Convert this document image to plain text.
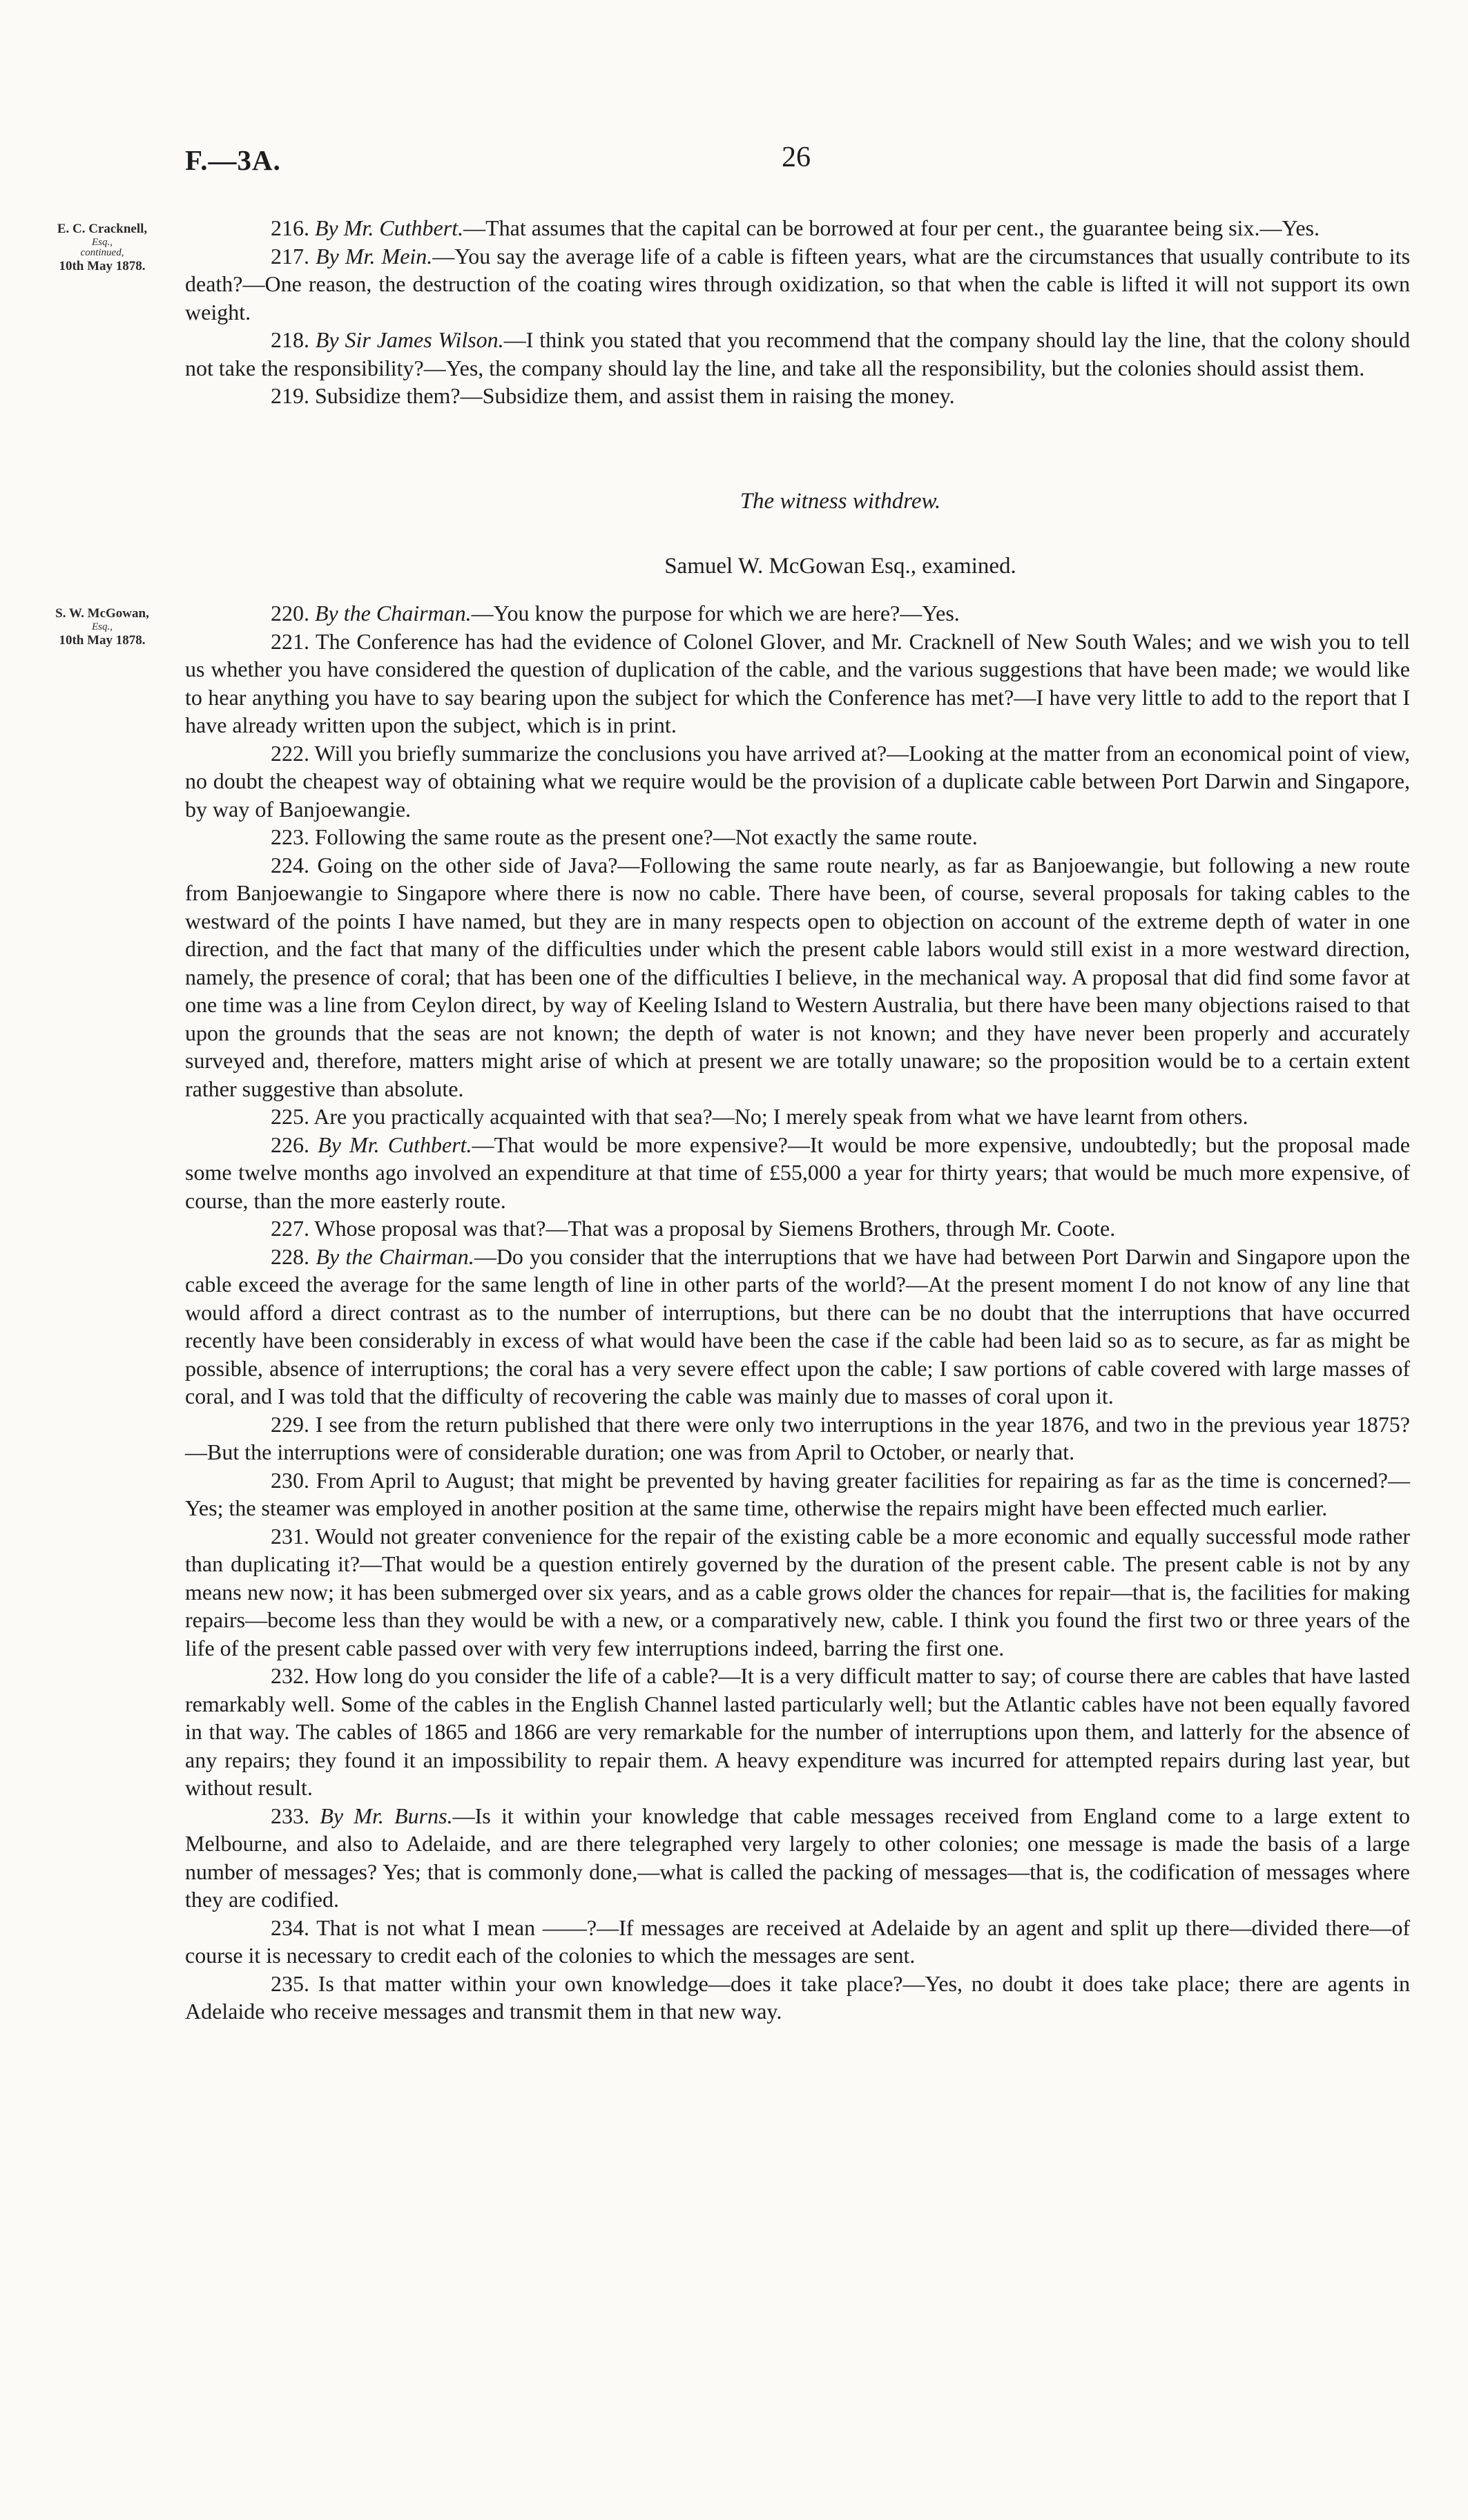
F.—3A.	26
E. C. Cracknell,
Esq.,
continued,
10th May 1878.
S. W. McGowan,
Esq.,
10th May 1878.

216. By Mr. Cuthbert.—That assumes that the capital can be borrowed at four per cent., the guarantee being six.—Yes.

217. By Mr. Mein.—You say the average life of a cable is fifteen years, what are the circumstances that usually contribute to its death?—One reason, the destruction of the coating wires through oxidization, so that when the cable is lifted it will not support its own weight.

218. By Sir James Wilson.—I think you stated that you recommend that the company should lay the line, that the colony should not take the responsibility?—Yes, the company should lay the line, and take all the responsibility, but the colonies should assist them.

219. Subsidize them?—Subsidize them, and assist them in raising the money.

The witness withdrew.

Samuel W. McGowan Esq., examined.

220. By the Chairman.—You know the purpose for which we are here?—Yes.

221. The Conference has had the evidence of Colonel Glover, and Mr. Cracknell of New South Wales; and we wish you to tell us whether you have considered the question of duplication of the cable, and the various suggestions that have been made; we would like to hear anything you have to say bearing upon the subject for which the Conference has met?—I have very little to add to the report that I have already written upon the subject, which is in print.

222. Will you briefly summarize the conclusions you have arrived at?—Looking at the matter from an economical point of view, no doubt the cheapest way of obtaining what we require would be the provision of a duplicate cable between Port Darwin and Singapore, by way of Banjoewangie.

223. Following the same route as the present one?—Not exactly the same route.

224. Going on the other side of Java?—Following the same route nearly, as far as Banjoewangie, but following a new route from Banjoewangie to Singapore where there is now no cable. There have been, of course, several proposals for taking cables to the westward of the points I have named, but they are in many respects open to objection on account of the extreme depth of water in one direction, and the fact that many of the difficulties under which the present cable labors would still exist in a more westward direction, namely, the presence of coral; that has been one of the difficulties I believe, in the mechanical way. A proposal that did find some favor at one time was a line from Ceylon direct, by way of Keeling Island to Western Australia, but there have been many objections raised to that upon the grounds that the seas are not known; the depth of water is not known; and they have never been properly and accurately surveyed and, therefore, matters might arise of which at present we are totally unaware; so the proposition would be to a certain extent rather suggestive than absolute.

225. Are you practically acquainted with that sea?—No; I merely speak from what we have learnt from others.

226. By Mr. Cuthbert.—That would be more expensive?—It would be more expensive, undoubtedly; but the proposal made some twelve months ago involved an expenditure at that time of £55,000 a year for thirty years; that would be much more expensive, of course, than the more easterly route.

227. Whose proposal was that?—That was a proposal by Siemens Brothers, through Mr. Coote.

228. By the Chairman.—Do you consider that the interruptions that we have had between Port Darwin and Singapore upon the cable exceed the average for the same length of line in other parts of the world?—At the present moment I do not know of any line that would afford a direct contrast as to the number of interruptions, but there can be no doubt that the interruptions that have occurred recently have been considerably in excess of what would have been the case if the cable had been laid so as to secure, as far as might be possible, absence of interruptions; the coral has a very severe effect upon the cable; I saw portions of cable covered with large masses of coral, and I was told that the difficulty of recovering the cable was mainly due to masses of coral upon it.

229. I see from the return published that there were only two interruptions in the year 1876, and two in the previous year 1875?—But the interruptions were of considerable duration; one was from April to October, or nearly that.

230. From April to August; that might be prevented by having greater facilities for repairing as far as the time is concerned?—Yes; the steamer was employed in another position at the same time, otherwise the repairs might have been effected much earlier.

231. Would not greater convenience for the repair of the existing cable be a more economic and equally successful mode rather than duplicating it?—That would be a question entirely governed by the duration of the present cable. The present cable is not by any means new now; it has been submerged over six years, and as a cable grows older the chances for repair—that is, the facilities for making repairs—become less than they would be with a new, or a comparatively new, cable. I think you found the first two or three years of the life of the present cable passed over with very few interruptions indeed, barring the first one.

232. How long do you consider the life of a cable?—It is a very difficult matter to say; of course there are cables that have lasted remarkably well. Some of the cables in the English Channel lasted particularly well; but the Atlantic cables have not been equally favored in that way. The cables of 1865 and 1866 are very remarkable for the number of interruptions upon them, and latterly for the absence of any repairs; they found it an impossibility to repair them. A heavy expenditure was incurred for attempted repairs during last year, but without result.

233. By Mr. Burns.—Is it within your knowledge that cable messages received from England come to a large extent to Melbourne, and also to Adelaide, and are there telegraphed very largely to other colonies; one message is made the basis of a large number of messages? Yes; that is commonly done,—what is called the packing of messages—that is, the codification of messages where they are codified.

234. That is not what I mean ——?—If messages are received at Adelaide by an agent and split up there—divided there—of course it is necessary to credit each of the colonies to which the messages are sent.

235. Is that matter within your own knowledge—does it take place?—Yes, no doubt it does take place; there are agents in Adelaide who receive messages and transmit them in that new way.
